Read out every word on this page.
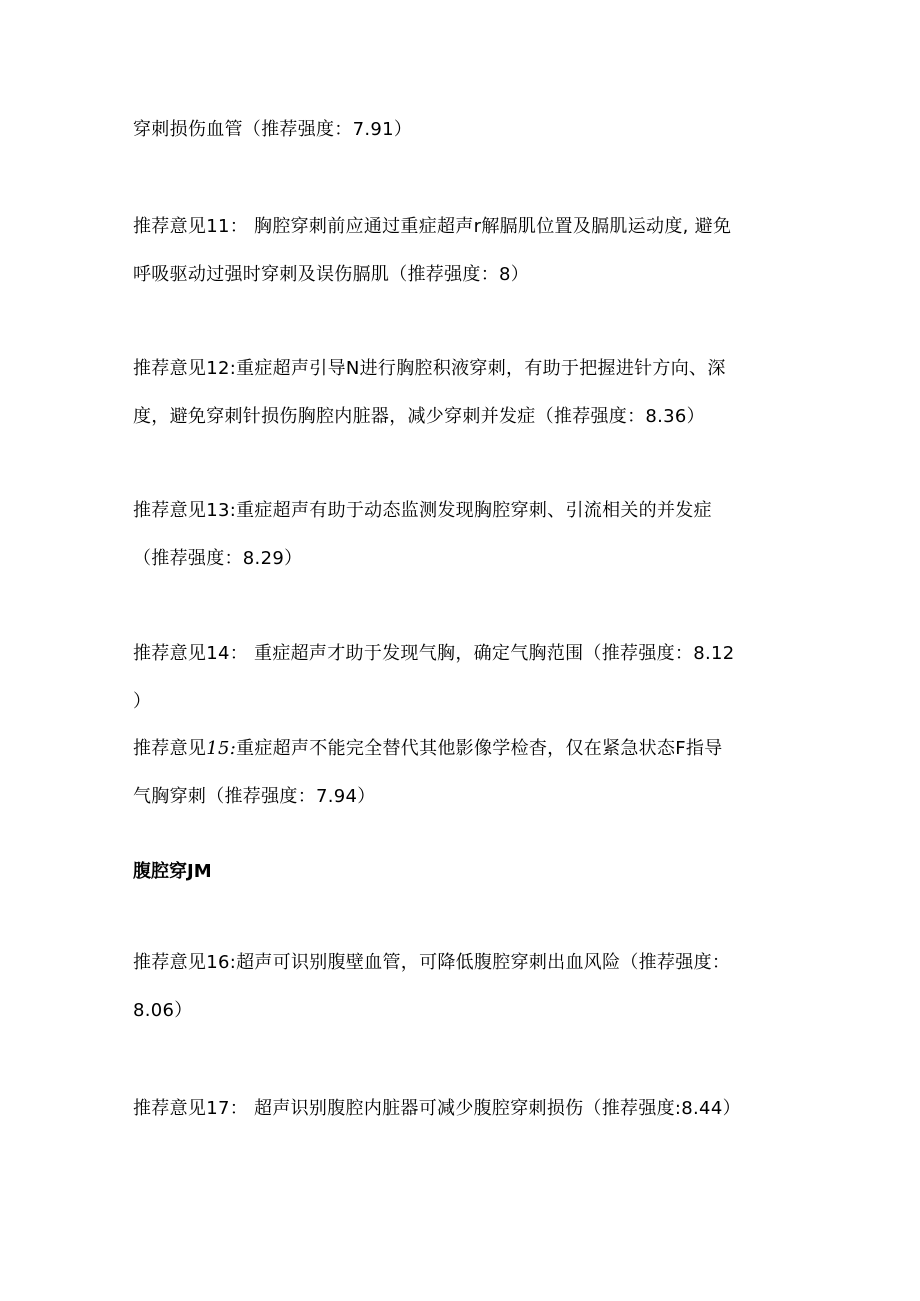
穿刺损伤血管（推荐强度：7.91）
推荐意见11： 胸腔穿刺前应通过重症超声r解膈肌位置及膈肌运动度, 避免
呼吸驱动过强时穿刺及误伤膈肌（推荐强度：8）
推荐意见12:重症超声引导N进行胸腔积液穿刺，有助于把握进针方向、深
度，避免穿刺针损伤胸腔内脏器，减少穿刺并发症（推荐强度：8.36）
推荐意见13:重症超声有助于动态监测发现胸腔穿刺、引流相关的并发症
（推荐强度：8.29）
推荐意见14： 重症超声才助于发现气胸，确定气胸范围（推荐强度：8.12
）
推荐意见15:重症超声不能完全替代其他影像学检杳，仅在紧急状态F指导
气胸穿刺（推荐强度：7.94）
腹腔穿JM
推荐意见16:超声可识别腹壁血管，可降低腹腔穿刺出血风险（推荐强度：
8.06）
推荐意见17： 超声识别腹腔内脏器可减少腹腔穿刺损伤（推荐强度:8.44）
